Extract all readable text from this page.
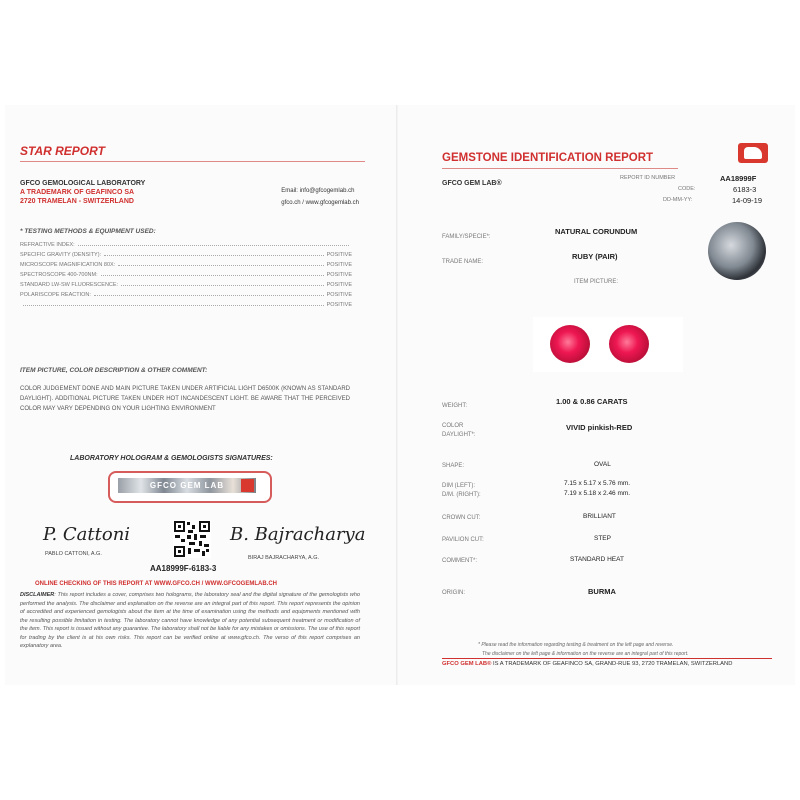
STAR REPORT
GFCO GEMOLOGICAL LABORATORY
A TRADEMARK OF GEAFINCO SA
2720 TRAMELAN - SWITZERLAND
Email: info@gfcogemlab.ch
gfco.ch / www.gfcogemlab.ch
* TESTING METHODS & EQUIPMENT USED:
REFRACTIVE INDEX:
SPECIFIC GRAVITY (DENSITY):	POSITIVE
MICROSCOPE MAGNIFICATION 80X:	POSITIVE
SPECTROSCOPE 400-700NM:	POSITIVE
STANDARD LW-SW FLUORESCENCE:	POSITIVE
POLARISCOPE REACTION:	POSITIVE
POSITIVE
ITEM PICTURE, COLOR DESCRIPTION & OTHER COMMENT:
COLOR JUDGEMENT DONE AND MAIN PICTURE TAKEN UNDER ARTIFICIAL LIGHT D6500K (KNOWN AS STANDARD DAYLIGHT). ADDITIONAL PICTURE TAKEN UNDER HOT INCANDESCENT LIGHT. BE AWARE THAT THE PERCEIVED COLOR MAY VARY DEPENDING ON YOUR LIGHTING ENVIRONMENT
LABORATORY HOLOGRAM & GEMOLOGISTS SIGNATURES:
GFCO GEM LAB
P. Cattoni
PABLO CATTONI, A.G.
B. Bajracharya
BIRAJ BAJRACHARYA, A.G.
AA18999F-6183-3
ONLINE CHECKING OF THIS REPORT AT WWW.GFCO.CH / WWW.GFCOGEMLAB.CH
DISCLAIMER: This report includes a cover, comprises two holograms, the laboratory seal and the digital signature of the gemologists who performed the analysis. The disclaimer and explanation on the reverse are an integral part of this report. This report represents the opinion of accredited and experienced gemologists about the item at the time of examination using the methods and equipments mentioned with the resulting possible limitation in testing. The laboratory cannot have knowledge of any potential subsequent treatment or modification of the item. This report is issued without any guarantee. The laboratory shall not be liable for any mistakes or omissions. The use of this report for trading by the client is at his own risks. This report can be verified online at www.gfco.ch. The verso of this report comprises an explanatory area.
GEMSTONE IDENTIFICATION REPORT
GFCO GEM LAB®
REPORT ID NUMBER	AA18999F
CODE:	6183-3
DD-MM-YY:	14-09-19
FAMILY/SPECIE*:
NATURAL CORUNDUM
TRADE NAME:
RUBY (PAIR)
ITEM PICTURE:
WEIGHT:	1.00 & 0.86 CARATS
COLOR
DAYLIGHT*:
VIVID pinkish-RED
SHAPE:	OVAL
DIM (LEFT):	7.15 x 5.17 x 5.76 mm.
D/M. (RIGHT):	7.19 x 5.18 x 2.46 mm.
CROWN CUT:	BRILLIANT
PAVILION CUT:	STEP
COMMENT*:	STANDARD HEAT
ORIGIN:	BURMA
* Please read the information regarding testing & treatment on the left page and reverse.
The disclaimer on the left page & information on the reverse are an integral part of this report.
GFCO GEM LAB® IS A TRADEMARK OF GEAFINCO SA, GRAND-RUE 93, 2720 TRAMELAN, SWITZERLAND
